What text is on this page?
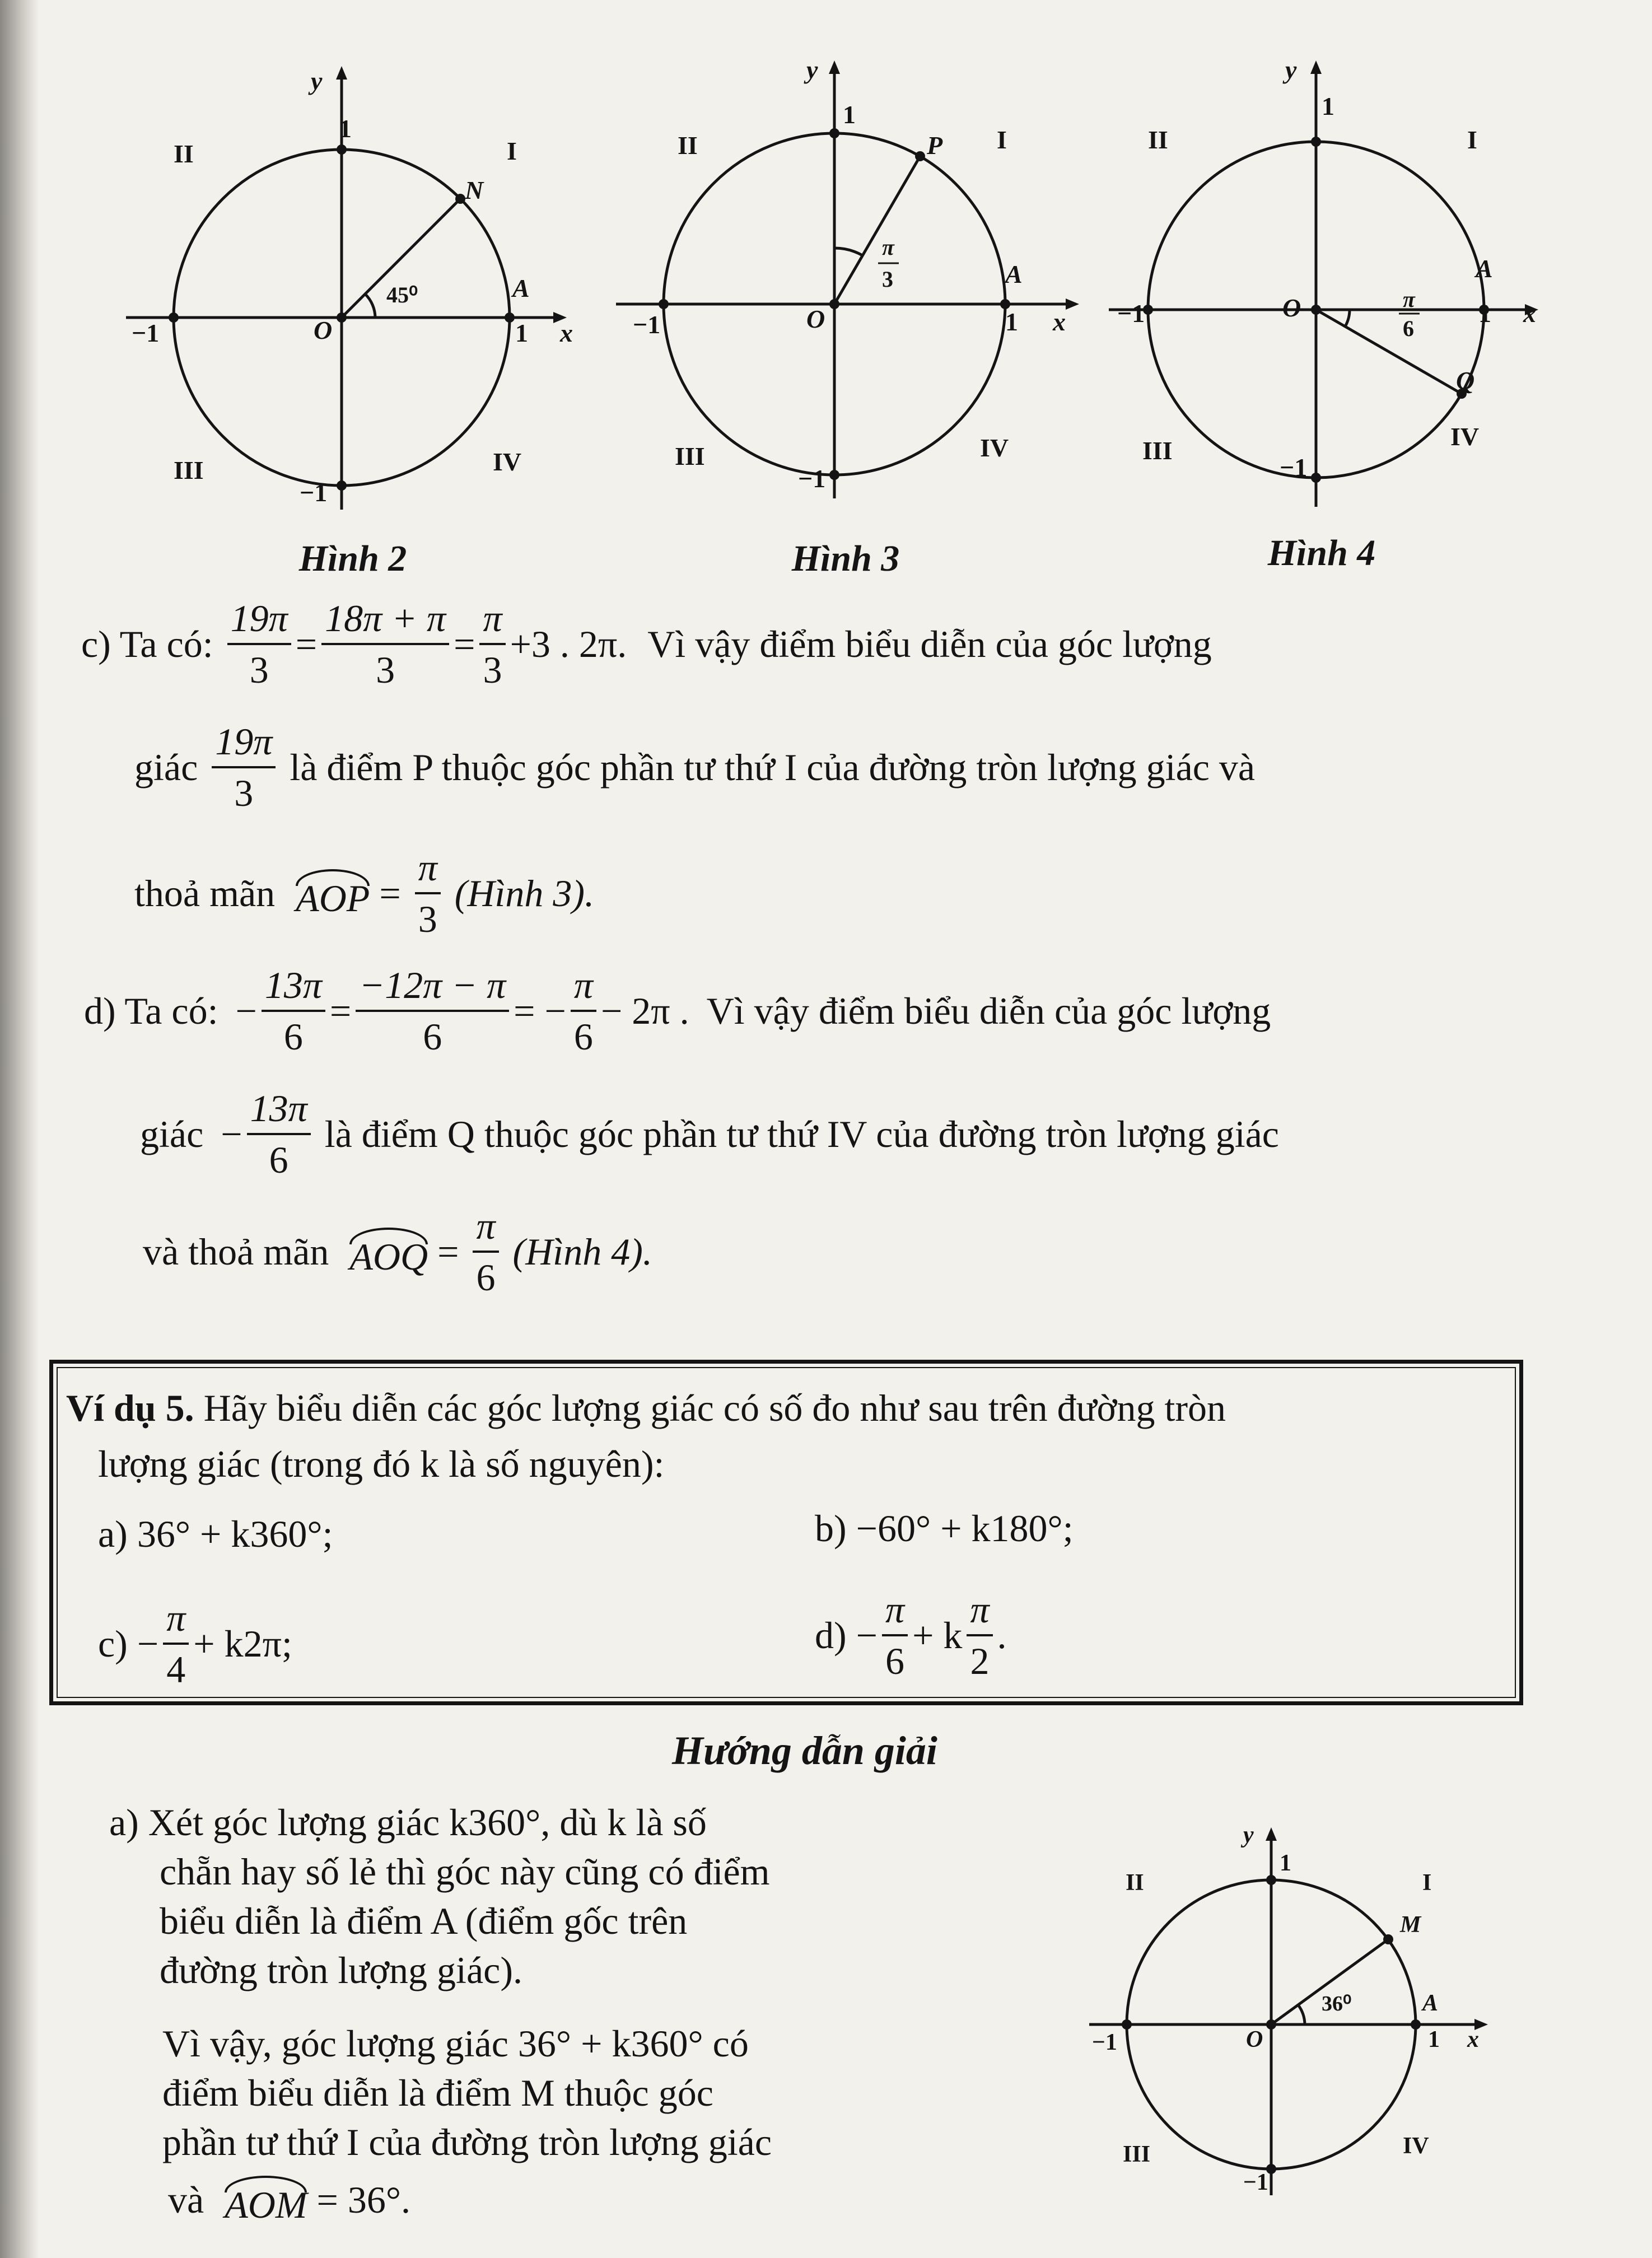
y
1
1
−1
−1
O
N
A
45⁰
x
I
II
III	IV
y
1
1
−1
−1
O
P
A
π
3
x
I
II
III	IV
y
1
1
−1
−1
O
Q
A
− π
6
x
I
II
III	IV
Hình 2	Hình 3	Hình 4
c) Ta có: $\frac{19\pi}{3} = \frac{18\pi + \pi}{3} = \frac{\pi}{3} +3$ . 2π. Vì vậy điểm biểu diễn của góc lượng
giác $\frac{19\pi}{3}$ là điểm P thuộc góc phần tư thứ I của đường tròn lượng giác và
thoả mãn AOP = $\frac{\pi}{3}$ (Hình 3).
d) Ta có: − $\frac{13\pi}{6} = \frac{-12\pi - \pi}{6}$ = − $\frac{\pi}{6} - 2\pi$ . Vì vậy điểm biểu diễn của góc lượng
giác − $\frac{13\pi}{6}$ là điểm Q thuộc góc phần tư thứ IV của đường tròn lượng giác
và thoả mãn AOQ = $\frac{\pi}{6}$ (Hình 4).
Ví dụ 5. Hãy biểu diễn các góc lượng giác có số đo như sau trên đường tròn
lượng giác (trong đó k là số nguyên):
a) 36° + k360°;	b) −60° + k180°;
$c) - \frac{\pi}{4} + k2\pi$;	$d) - \frac{\pi}{6} + k \frac{\pi}{2}$ .
Hướng dẫn giải
a) Xét góc lượng giác k360°, dù k là số
chẵn hay số lẻ thì góc này cũng có điểm
biểu diễn là điểm A (điểm gốc trên
đường tròn lượng giác).
Vì vậy, góc lượng giác 36° + k360° có
điểm biểu diễn là điểm M thuộc góc
phần tư thứ I của đường tròn lượng giác
và AOM = 36°.
y
1
1
−1
−1
O
M
A
36⁰
x
I
II
III	IV
